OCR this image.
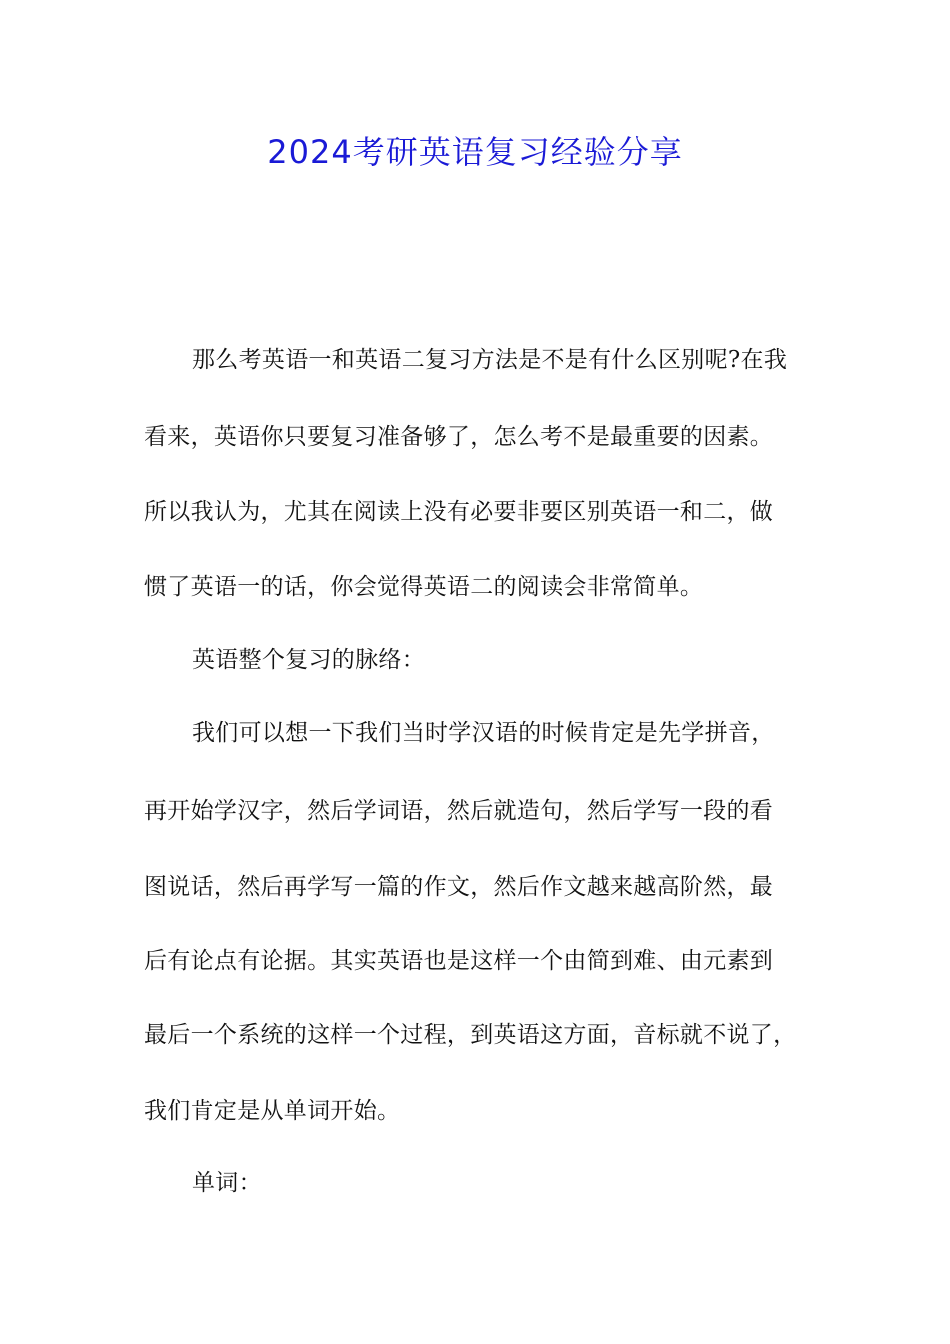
2024考研英语复习经验分享
那么考英语一和英语二复习方法是不是有什么区别呢?在我
看来，英语你只要复习准备够了，怎么考不是最重要的因素。
所以我认为，尤其在阅读上没有必要非要区别英语一和二，做
惯了英语一的话，你会觉得英语二的阅读会非常简单。
英语整个复习的脉络：
我们可以想一下我们当时学汉语的时候肯定是先学拼音，
再开始学汉字，然后学词语，然后就造句，然后学写一段的看
图说话，然后再学写一篇的作文，然后作文越来越高阶然，最
后有论点有论据。其实英语也是这样一个由简到难、由元素到
最后一个系统的这样一个过程，到英语这方面，音标就不说了，
我们肯定是从单词开始。
单词：
